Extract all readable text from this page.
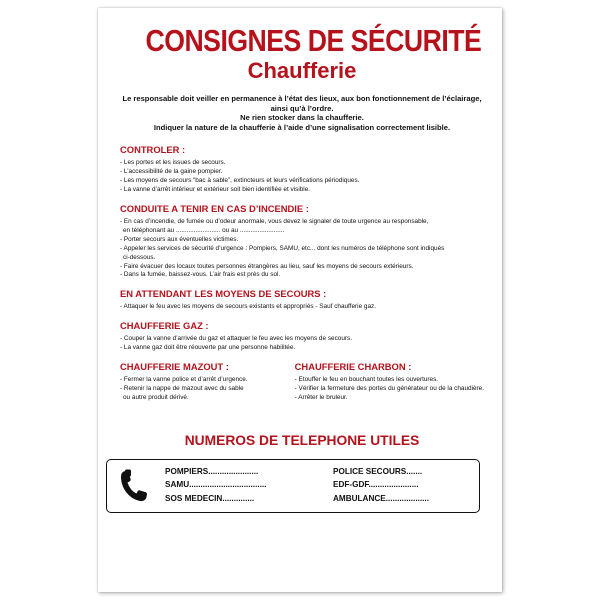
CONSIGNES DE SÉCURITÉ
Chaufferie
Le responsable doit veiller en permanence à l’état des lieux, aux bon fonctionnement de l’éclairage,
ainsi qu’à l’ordre.
Ne rien stocker dans la chaufferie.
Indiquer la nature de la chaufferie à l’aide d’une signalisation correctement lisible.
CONTROLER :
- Les portes et les issues de secours.
- L’accessibilité de la gaine pompier.
- Les moyens de secours “bac à sable”, extincteurs et leurs vérifications périodiques.
- La vanne d’arrêt intérieur et extérieur soit bien identifiée et visible.
CONDUITE A TENIR EN CAS D’INCENDIE :
- En cas d’incendie, de fumée ou d’odeur anormale, vous devez le signaler de toute urgence au responsable,
en téléphonant au ......................... ou au .........................
- Porter secours aux éventuelles victimes.
- Appeler les services de sécurité d’urgence : Pompiers, SAMU, etc... dont les numéros de téléphone sont indiqués
ci-dessous.
- Faire évacuer des locaux toutes personnes étrangères au lieu, sauf les moyens de secours extérieurs.
- Dans la fumée, baissez-vous. L’air frais est près du sol.
EN ATTENDANT LES MOYENS DE SECOURS :
- Attaquer le feu avec les moyens de secours existants et appropriés - Sauf chaufferie gaz.
CHAUFFERIE GAZ :
- Couper la vanne d’arrivée du gaz et attaquer le feu avec les moyens de secours.
- La vanne gaz doit être réouverte par une personne habilitée.
CHAUFFERIE MAZOUT :
- Fermer la vanne police et d’arrêt d’urgence.
- Retenir la nappe de mazout avec du sable
ou autre produit dérivé.
CHAUFFERIE CHARBON :
- Etouffer le feu en bouchant toutes les ouvertures.
- Vérifier la fermeture des portes du générateur ou de la chaudière.
- Arrêter le bruleur.
NUMEROS DE TELEPHONE UTILES
POMPIERS......................
SAMU..................................
SOS MEDECIN..............
POLICE SECOURS.......
EDF-GDF......................
AMBULANCE...................
